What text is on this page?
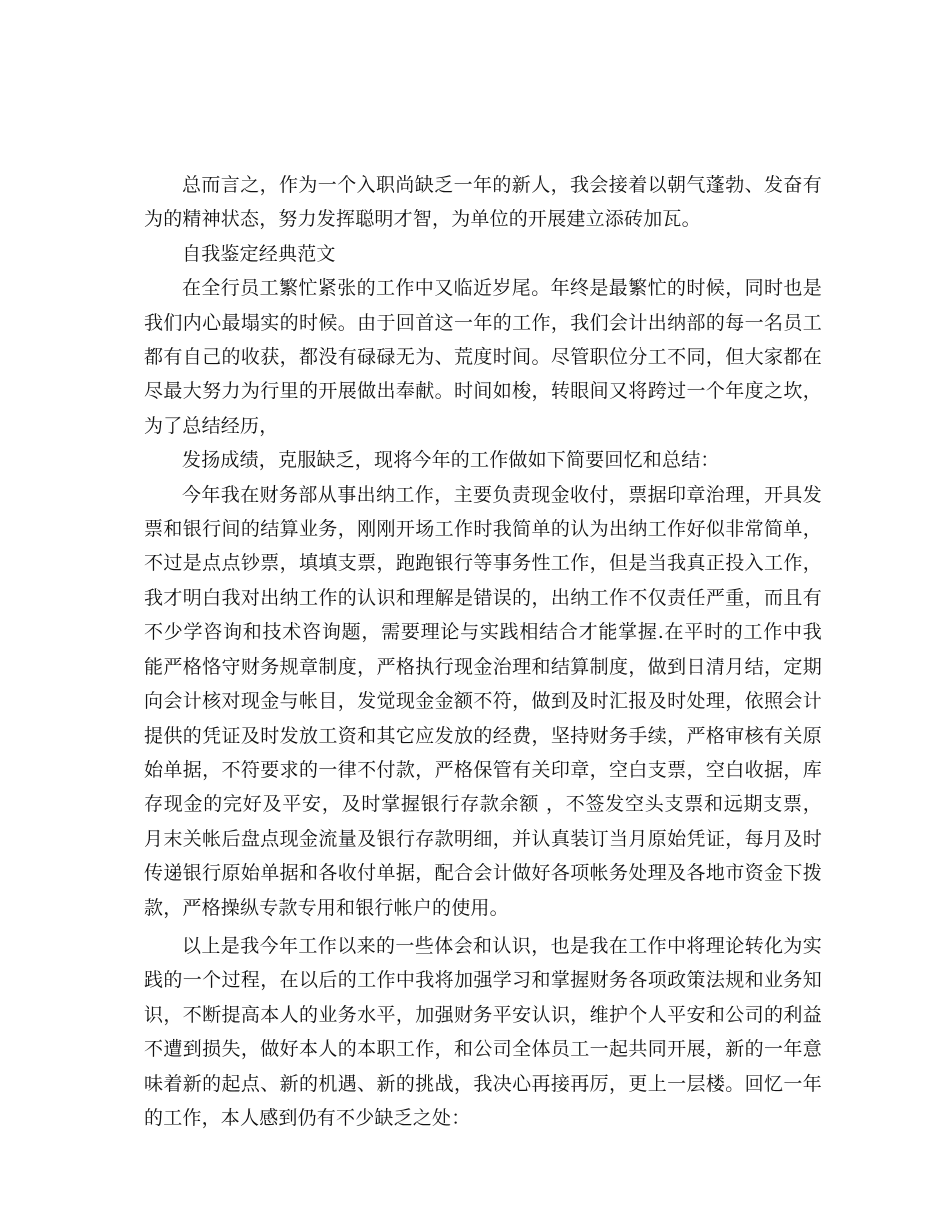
总而言之，作为一个入职尚缺乏一年的新人，我会接着以朝气蓬勃、发奋有为的精神状态，努力发挥聪明才智，为单位的开展建立添砖加瓦。

自我鉴定经典范文

在全行员工繁忙紧张的工作中又临近岁尾。年终是最繁忙的时候，同时也是我们内心最塌实的时候。由于回首这一年的工作，我们会计出纳部的每一名员工都有自己的收获，都没有碌碌无为、荒度时间。尽管职位分工不同，但大家都在尽最大努力为行里的开展做出奉献。时间如梭，转眼间又将跨过一个年度之坎，为了总结经历，

发扬成绩，克服缺乏，现将今年的工作做如下简要回忆和总结：

今年我在财务部从事出纳工作，主要负责现金收付，票据印章治理，开具发票和银行间的结算业务，刚刚开场工作时我简单的认为出纳工作好似非常简单，不过是点点钞票，填填支票，跑跑银行等事务性工作，但是当我真正投入工作，我才明白我对出纳工作的认识和理解是错误的，出纳工作不仅责任严重，而且有不少学咨询和技术咨询题，需要理论与实践相结合才能掌握.在平时的工作中我能严格恪守财务规章制度，严格执行现金治理和结算制度，做到日清月结，定期向会计核对现金与帐目，发觉现金金额不符，做到及时汇报及时处理，依照会计提供的凭证及时发放工资和其它应发放的经费，坚持财务手续，严格审核有关原始单据，不符要求的一律不付款，严格保管有关印章，空白支票，空白收据，库存现金的完好及平安，及时掌握银行存款余额 ，不签发空头支票和远期支票，月末关帐后盘点现金流量及银行存款明细，并认真装订当月原始凭证，每月及时传递银行原始单据和各收付单据，配合会计做好各项帐务处理及各地市资金下拨款，严格操纵专款专用和银行帐户的使用。

以上是我今年工作以来的一些体会和认识，也是我在工作中将理论转化为实践的一个过程，在以后的工作中我将加强学习和掌握财务各项政策法规和业务知识，不断提高本人的业务水平，加强财务平安认识，维护个人平安和公司的利益不遭到损失，做好本人的本职工作，和公司全体员工一起共同开展，新的一年意味着新的起点、新的机遇、新的挑战，我决心再接再厉，更上一层楼。回忆一年的工作，本人感到仍有不少缺乏之处：
